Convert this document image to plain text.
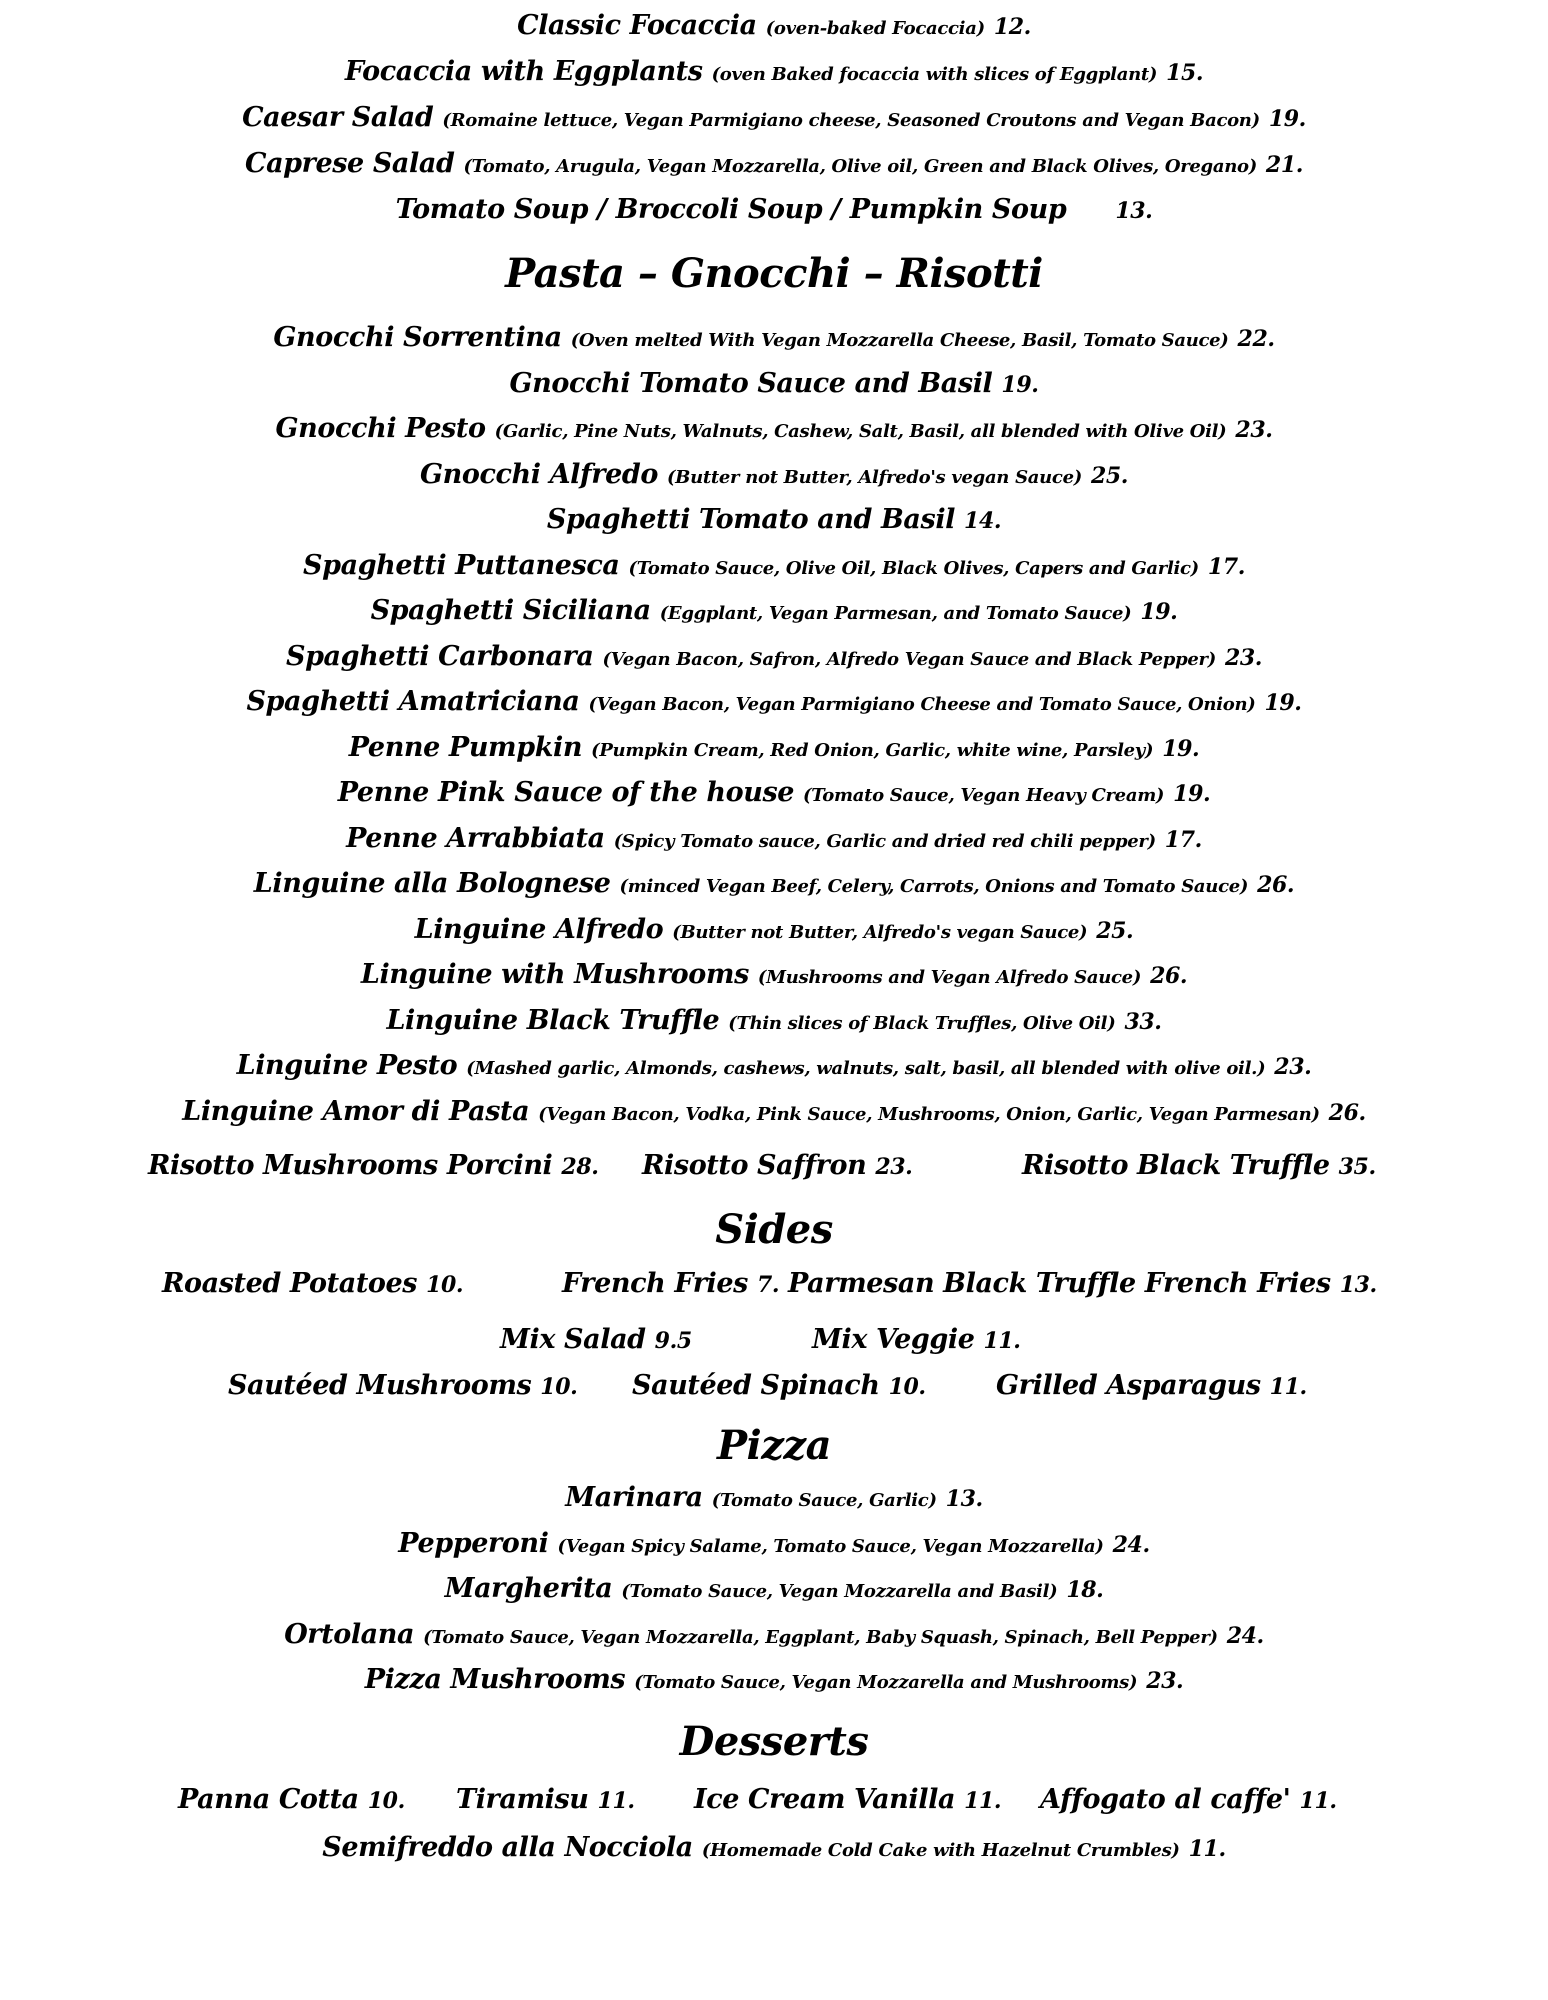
Classic Focaccia (oven-baked Focaccia) 12.
Focaccia with Eggplants (oven Baked focaccia with slices of Eggplant) 15.
Caesar Salad (Romaine lettuce, Vegan Parmigiano cheese, Seasoned Croutons and Vegan Bacon) 19.
Caprese Salad (Tomato, Arugula, Vegan Mozzarella, Olive oil, Green and Black Olives, Oregano) 21.
Tomato Soup / Broccoli Soup / Pumpkin Soup 13.
Pasta – Gnocchi – Risotti
Gnocchi Sorrentina (Oven melted With Vegan Mozzarella Cheese, Basil, Tomato Sauce) 22.
Gnocchi Tomato Sauce and Basil 19.
Gnocchi Pesto (Garlic, Pine Nuts, Walnuts, Cashew, Salt, Basil, all blended with Olive Oil) 23.
Gnocchi Alfredo (Butter not Butter, Alfredo's vegan Sauce) 25.
Spaghetti Tomato and Basil 14.
Spaghetti Puttanesca (Tomato Sauce, Olive Oil, Black Olives, Capers and Garlic) 17.
Spaghetti Siciliana (Eggplant, Vegan Parmesan, and Tomato Sauce) 19.
Spaghetti Carbonara (Vegan Bacon, Safron, Alfredo Vegan Sauce and Black Pepper) 23.
Spaghetti Amatriciana (Vegan Bacon, Vegan Parmigiano Cheese and Tomato Sauce, Onion) 19.
Penne Pumpkin (Pumpkin Cream, Red Onion, Garlic, white wine, Parsley) 19.
Penne Pink Sauce of the house (Tomato Sauce, Vegan Heavy Cream) 19.
Penne Arrabbiata (Spicy Tomato sauce, Garlic and dried red chili pepper) 17.
Linguine alla Bolognese (minced Vegan Beef, Celery, Carrots, Onions and Tomato Sauce) 26.
Linguine Alfredo (Butter not Butter, Alfredo's vegan Sauce) 25.
Linguine with Mushrooms (Mushrooms and Vegan Alfredo Sauce) 26.
Linguine Black Truffle (Thin slices of Black Truffles, Olive Oil) 33.
Linguine Pesto (Mashed garlic, Almonds, cashews, walnuts, salt, basil, all blended with olive oil.) 23.
Linguine Amor di Pasta (Vegan Bacon, Vodka, Pink Sauce, Mushrooms, Onion, Garlic, Vegan Parmesan) 26.
Risotto Mushrooms Porcini 28. Risotto Saffron 23.	Risotto Black Truffle 35.
Sides
Roasted Potatoes 10.	French Fries 7. Parmesan Black Truffle French Fries 13.
Mix Salad 9.5	Mix Veggie 11.
Sautéed Mushrooms 10. Sautéed Spinach 10.	Grilled Asparagus 11.
Pizza
Marinara (Tomato Sauce, Garlic) 13.
Pepperoni (Vegan Spicy Salame, Tomato Sauce, Vegan Mozzarella) 24.
Margherita (Tomato Sauce, Vegan Mozzarella and Basil) 18.
Ortolana (Tomato Sauce, Vegan Mozzarella, Eggplant, Baby Squash, Spinach, Bell Pepper) 24.
Pizza Mushrooms (Tomato Sauce, Vegan Mozzarella and Mushrooms) 23.
Desserts
Panna Cotta 10. Tiramisu 11. Ice Cream Vanilla 11. Affogato al caffe' 11.
Semifreddo alla Nocciola (Homemade Cold Cake with Hazelnut Crumbles) 11.
